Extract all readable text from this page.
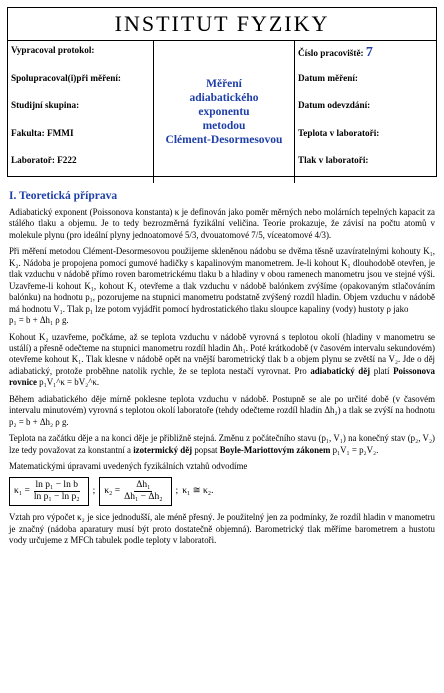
INSTITUT FYZIKY
Vypracoval protokol:
Spolupracoval(i)při měření:
Studijní skupina:
Fakulta: FMMI
Laboratoř: F222
Měření
adiabatického
exponentu
metodou
Clément-Desormesovou
Číslo pracoviště: 7
Datum měření:
Datum odevzdání:
Teplota v laboratoři:
Tlak v laboratoři:
I. Teoretická příprava

Adiabatický exponent (Poissonova konstanta) κ je definován jako poměr měrných nebo molárních tepelných kapacit za stálého tlaku a objemu. Je to tedy bezrozměrná fyzikální veličina. Teorie prokazuje, že závisí na počtu atomů v molekule plynu (pro ideální plyny jednoatomové 5/3, dvouatomové 7/5, víceatomové 4/3).

Při měření metodou Clément-Desormesovou použijeme skleněnou nádobu se dvěma těsně uzavíratelnými kohouty K₁, K₂. Nádoba je propojena pomocí gumové hadičky s kapalinovým manometrem. Je-li kohout K₁ dlouhodobě otevřen, je tlak vzduchu v nádobě přímo roven barometrickému tlaku b a hladiny v obou ramenech manometru jsou ve stejné výši. Uzavřeme-li kohout K₁, kohout K₂ otevřeme a tlak vzduchu v nádobě balónkem zvýšíme (opakovaným stlačováním balónku) na hodnotu p₁, pozorujeme na stupnici manometru podstatně zvýšený rozdíl hladin. Objem vzduchu v nádobě má hodnotu V₁. Tlak p₁ lze potom vyjádřit pomocí hydrostatického tlaku sloupce kapaliny (vody) hustoty ρ jako
p₁ = b + Δh₁ ρ g.

Kohout K₂ uzavřeme, počkáme, až se teplota vzduchu v nádobě vyrovná s teplotou okolí (hladiny v manometru se ustálí) a přesně odečteme na stupnici manometru rozdíl hladin Δh₁. Poté krátkodobě (v časovém intervalu sekundovém) otevřeme kohout K₁. Tlak klesne v nádobě opět na vnější barometrický tlak b a objem plynu se zvětší na V₂. Jde o děj adiabatický, protože proběhne natolik rychle, že se teplota nestačí vyrovnat. Pro adiabatický děj platí Poissonova rovnice p₁V₁^κ = bV₂^κ.

Během adiabatického děje mírně poklesne teplota vzduchu v nádobě. Postupně se ale po určité době (v časovém intervalu minutovém) vyrovná s teplotou okolí laboratoře (tehdy odečteme rozdíl hladin Δh₂) a tlak se zvýší na hodnotu p₂ = b + Δh₂ ρ g.

Teplota na začátku děje a na konci děje je přibližně stejná. Změnu z počátečního stavu (p₁, V₁) na konečný stav (p₂, V₂) lze tedy považovat za konstantní a izotermický děj popsat Boyle-Mariottovým zákonem p₁V₁ = p₂V₂.

Matematickými úpravami uvedených fyzikálních vztahů odvodíme

$\kappa_1 = \frac{\text{ln p₁ − ln b}}{\text{ln p₁ − ln p₂}}$ ; $\kappa_2 = \frac{\text{Δh₁}}{\text{Δh₁ − Δh₂}}$ ; κ₁ ≅ κ₂.

Vztah pro výpočet κ₂ je sice jednodušší, ale méně přesný. Je použitelný jen za podmínky, že rozdíl hladin v manometru je značný (nádoba aparatury musí být proto dostatečně objemná). Barometrický tlak měříme barometrem a hustotu vody určujeme z MFCh tabulek podle teploty v laboratoři.
